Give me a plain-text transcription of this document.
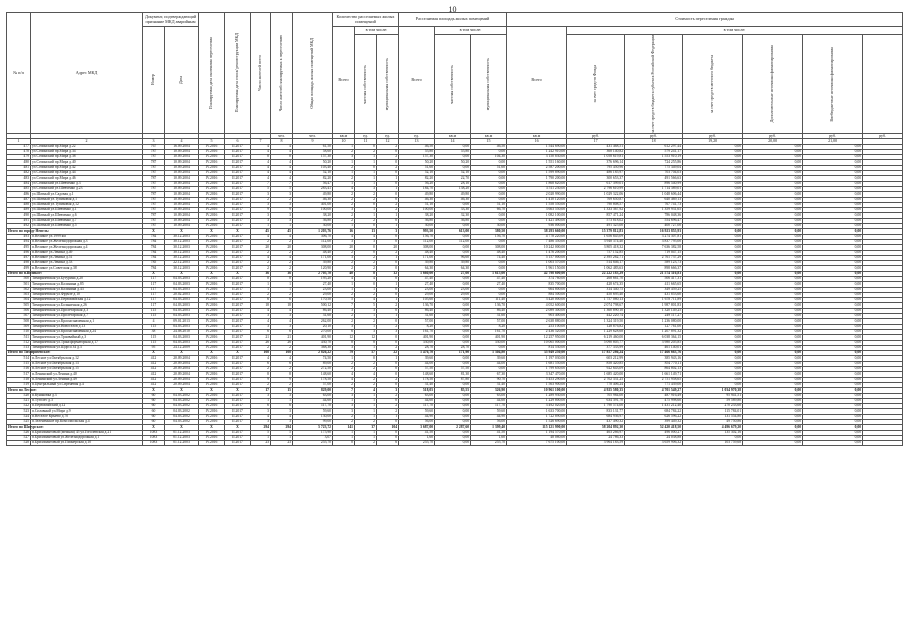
10
№ п/п	Адрес МКД	Документ, подтверждающий признание МКД аварийным		Планируемая дата окончания переселения	Планируемая дата сноса/ реконструкции МКД	Число жителей всего	Число жителей планируемых к переселению	Общая площадь жилых помещений МКД	Количество расселяемых жилых помещений			Расселяемая площадь жилых помещений			Стоимость переселения граждан						

		Номер	Дата						Всего	в том числе:		Всего	в том числе:		Всего	в том числе:					

										частная собственность	муниципальная собственность		частная собственность	муниципальная собственность		за счет средств Фонда	за счет средств бюджета субъекта Российской Федерации	за счет средств местного бюджета	Дополнительные источники финансирования	Внебюджетные источники финансирования	

							чел.	чел.	кв.м	ед.	ед.	ед.	кв.м	кв.м	кв.м	руб.	руб.	руб.	руб.	руб.	руб.
1	2	3	4	5	6	7	8	9	10	11	12	13	14	15	16	17	18	19,20	20,00	21,00	
477	ул.Сочинский пр.Мира д.22	767	16.09.2004	IV.2016	II.2017	4	4	61,50	1	0	2	46,50	0,00	46,50	1 544 690,00	431 468,51	612 297,44	0,00	0,00	0,00	
478	ул.Сочинский пр.Мира д.34	787	10.09.2004	IV.2016	II.2017	4	4	58,60	2	2	0	55,80	55,80	0,00	1 242 910,00	368 140,82	579 241,17	0,00	0,00	0,00	
479	ул.Сочинский пр.Мира д.38	787	10.09.2004	IV.2016	II.2017	8	8	157,30	3	1	2	157,30	0,00	104,30	3 150 830,00	1 058 619,81	1 553 910,19	0,00	0,00	0,00	
480	ул.Сочинский пр.Мира д.40	787	10.09.2004	IV.2016	II.2017	4	4	50,20	1	1	0	50,20	50,20	0,00	1 551 160,00	376 696,14	724 255,86	0,00	0,00	0,00	
481	ул.Сочинский пр.Мира д.42	787	10.09.2004	IV.2016	II.2017	4	4	103,40	2	0	2	51,60	0,00	51,60	2 587 200,00	795 450,96	775 349,04	0,00	0,00	0,00	
482	ул.Сочинский пр.Мира д.44	787	10.09.2004	IV.2016	II.2017	4	4	52,10	1	1	0	52,10	52,10	0,00	1 599 890,00	486 185,97	703 704,03	0,00	0,00	0,00	
483	ул.Сочинский пр.Мира д.46	787	10.09.2004	IV.2016	II.2017	4	4	82,20	2	1	1	82,20	22,70	0,00	1 790 200,00	300 653,37	491 566,63	0,00	0,00	0,00	
484	ул.Сочинский ул.Шевченко д.3	787	10.09.2004	IV.2016	II.2017	7	7	56,47	1	1	0	56,20	28,10	0,00	1 868 620,00	617 399,01	896 540,99	0,00	0,00	0,00	
485	ул.Сочинский ул.Шевченко д.23	787	10.09.2004	IV.2016	II.2017	5	5	283,41	4	3	1	184,70	138,20	0,00	3 511 230,00	2 796 610,99	1 714 389,01	0,00	0,00	0,00	
486	ул.Шатный ул.Садовая д.1	787	10.09.2004	IV.2016	II.2017	3	3	49,80	2	2	0	49,80	49,80	0,00	2 028 990,00	1 029 322,06	1 048 606,44	0,00	0,00	0,00	
487	ул.Шатный ул.Тупиковая д.1	787	10.09.2004	IV.2016	II.2017	2	2	46,30	2	2	0	46,30	46,30	0,00	1 410 120,00	769 650,87	640 469,13	0,00	0,00	0,00	
488	ул.Шатный ул.Тупиковая д.12	787	10.09.2004	IV.2016	II.2017	3	3	401,00	2	0	2	51,10	0,00	51,10	1 558 550,00	790 808,57	767 741,73	0,00	0,00	0,00	
489	ул.Шатный ул.Шевченко д.1	787	10.09.2004	IV.2016	II.2017	9	9	100,00	3	1	2	100,00	33,30	66,70	3 663 550,00	1 333 367,92	1 359 931,65	0,00	0,00	0,00	
490	ул.Шатный ул.Шевченко д.6	787	10.09.2004	IV.2016	II.2017	3	3	38,20	2	1	1	38,20	32,30	0,00	1 082 100,00	857 471,24	786 048,36	0,00	0,00	0,00	
491	ул.Шатный ул.Шевченко д.7	787	10.09.2004	IV.2016	II.2017	3	3	36,80	2	2	0	36,80	36,80	0,00	1 421 490,00	573 818,02	554 696,47	0,00	0,00	0,00	
492	ул.Шатный ул.Шевченко д.5	787	10.09.2004	IV.2016	II.2017	1	1	30,00	1	0	1	30,00	0,00	30,00	936 000,00	491 325,00	400 727,00	0,00	0,00	0,00	
Итого по городу Невель:		X	X	X	X	45	45	1 203,76	16	13	3	993,50	613,00	380,50	38 293 660,00	15 379 812,83	16 923 855,93	0,00	0,00	0,00	
493	п.Великое ул.1999 км	784	30.12.2003	IV.2016	II.2017	4	4	306,70	4	4	0	156,70	0,00	156,70	4 778 220,00	1 656 845,09	3 274 307,81	0,00	0,00	0,00	
494	п.Великое ул.Железнодорожная д.3	784	30.12.2003	IV.2016	II.2017	2	2	112,00	3	3	0	112,00	112,00	0,00	7 486 350,00	3 948 374,40	3 837 795,00	0,00	0,00	0,00	
495	п.Великое ул.Железнодорожная д.4	784	30.12.2003	IV.2016	II.2017	20	20	308,00	20	0	20	308,00	0,00	308,00	10 242 000,00	3 805 418,32	7 636 382,58	0,00	0,00	0,00	
496	п.Великое ул.Ленина д.49	784	30.12.2003	IV.2016	II.2017	2	2	48,40	2	0	2	48,40	0,00	48,40	1 476 200,00	757 152,85	719 047,15	0,00	0,00	0,00	
497	п.Великое ул.Ленина д.51	784	30.12.2003	IV.2016	II.2017	4	4	171,00	3	2	1	171,00	96,60	74,40	5 157 000,00	2 395 262,71	2 761 737,29	0,00	0,00	0,00	
498	п.Великое ул.Ленина д.53	785	22.12.2003	IV.2016	II.2017	2	2	39,80	2	2	0	39,80	39,80	0,00	1 003 570,00	514 846,17	589 123,73	0,00	0,00	0,00	
499	п.Великое ул.Советская д.38	784	30.12.2003	IV.2016	II.2017	2	2	120,90	2	2	0	64,30	64,30	0,00	1 961 150,00	1 062 483,63	898 666,37	0,00	0,00	0,00	
Итого по п.Великое:		X	X	X	X	36	36	2 705,70	40	8	32	1 660,00	27,00	1 615,00	42 798 600,00	22 222 183,29	21 574 316,83	0,00	0,00	0,00	
500	Тимирязевская ул.Бутурина д.20	117	04.03.2003	IV.2016	II.2017	8	8	195,20	4	4	0	47,40	0,00	47,40	374 760,00	268 661,70	506 417,31	0,00	0,00	0,00	
501	Тимирязевская ул.Калинина д.85	117	04.03.2003	IV.2016	II.2017	1	1	27,40	1	0	1	27,40	0,00	27,40	835 700,00	428 674,35	411 665,65	0,00	0,00	0,00	
502	Тимирязевская ул.Калинина д.43	117	04.03.2003	IV.2016	II.2017	1	1	23,00	1	1	0	23,00	23,00	0,00	664 800,00	314 340,75	349 459,25	0,00	0,00	0,00	
503	Тимирязевская ул.Фрунзе д.10	117	20.02.2003	IV.2016	II.2017	2	2	29,00	2	2	0	29,00	29,00	0,00	884 500,00	450 695,40	431 853,60	0,00	0,00	0,00	
504	Тимирязевская ул.Первомайская д.12	117	04.03.2003	IV.2016	II.2017	6	6	170,50	5	4	1	105,60	0,00	111,40	3 420 000,00	1 757 080,13	1 678 711,89	0,00	0,00	0,00	
505	Тимирязевская ул.Больничная д.26	117	04.03.2003	IV.2016	II.2017	18	18	500,12	7	5	2	136,70	0,00	136,70	4 052 600,00	2 074 798,67	1 987 801,83	0,00	0,00	0,00	
506	Тимирязевская ул.Пролетарская д.3	115	04.03.2003	IV.2016	II.2017	4	4	86,40	3	3	0	86,40	0,00	86,40	2 089 300,00	1 360 890,10	1 320 149,25	0,00	0,00	0,00	
507	Тимирязевская ул.Пролетарская д.7	115	04.03.2003	IV.2016	II.2017	3	3	31,60	2	1	1	31,60	0,00	31,60	903 400,00	442 220,74	249 117,27	0,00	0,00	0,00	
508	Тимирязевская ул.Краснознаменная д.1	4	09.01.2013	IV.2016	II.2017	4	4	262,00	2	2	0	57,00	0,00	57,00	2 638 880,00	1 324 319,50	1 236 080,00	0,00	0,00	0,00	
509	Тимирязевская ул.Новоселов д.13	115	04.03.2003	IV.2016	II.2017	3	3	20,10	3	1	2	8,20	0,00	8,20	253 100,00	128 876,82	127 761,00	0,00	0,00	0,00	
510	Тимирязевская ул.Краснознаменная д.24	38	24.08.2010	IV.2016	II.2017	6	6	270,00	6	3	3	161,70	0,00	161,70	2 436 520,00	1 229 628,68	1 207 891,32	0,00	0,00	0,00	
511	Тимирязевская ул.Трамвайный д.3	115	04.03.2003	IV.2016	II.2017	21	21	401,90	12	12	0	401,90	0,00	401,90	12 257 950,00	6 219 460,00	6 038 364,15	0,00	0,00	0,00	
512	Тимирязевская ул.Трансформаторная д.17	115	04.03.2003	IV.2016	II.2017	26	26	430,70	8	8	0	330,00	0,00	330,00	10 065 000,00	5 090 805,77	3 980 205,85	0,00	0,00	0,00	
513	Тимирязевская ул.Щорса 34 д.3	95	24.12.2009	IV.2016	II.2017	2	2	368,30	3	1	2	28,70	28,70	0,00	814 530,00	377 333,99	461 140,01	0,00	0,00	0,00	
Итого по Тимирязевское:		X	X	X	X	108	108	2 826,22	79	57	22	1 476,70	171,90	1 304,80	35 949 250,00	17 857 286,24	17 466 663,76	0,00	0,00	0,00	
514	п.Лесное ул.Октябрьская д.12	412	20.09.2004	IV.2016	II.2017	4	4	74,50	1	0	1	39,60	0,00	39,60	1 197 030,00	603 212,99	385 943,16	0,00	0,00	0,00	
515	п.Лесное ул.Октябрьская д.13	412	20.09.2004	IV.2016	II.2017	6	6	89,00	2	2	0	44,00	0,00	44,00	1 681 550,00	858 420,85	854 770,11	0,00	0,00	0,00	
516	п.Лесное ул.Октябрьская д.15	412	20.09.2004	IV.2016	II.2017	2	2	272,50	2	2	0	57,50	57,50	0,00	1 799 650,00	922 643,09	864 802,13	0,00	0,00	0,00	
517	п.Ленинский ул.Ленина д.40	412	20.09.2004	IV.2016	II.2017	8	8	148,60	4	4	0	148,60	81,30	67,30	3 347 470,00	1 685 420,00	1 661 149,71	0,00	0,00	0,00	
518	п.Ленинский ул.Ленина д.49	412	20.09.2004	IV.2016	II.2017	9	9	178,50	4	2	2	178,50	87,80	90,70	5 453 290,00	2 702 331,25	2 751 958,65	0,00	0,00	0,00	
519	п.Центральный ул.Сиреневая д.4	412	20.09.2004	IV.2016	II.2017	2	2	57,00	2	2	0	31,40	0,00	31,40	1 563 900,00	778 406,24	771 439,00	0,00	0,00	0,00	
Итого по Лесное:		X	X	X	X	17	15	829,00	7	4	3	518,05	85,55	326,90	10 961 100,00	4 925 580,35	4 701 549,27	1 034 970,38	0,00	0,00	
520	п.Кунаковка д.3	60	04.03.2002	IV.2016	II.2017	3	3	63,00	3	1	2	63,00	0,00	63,00	1 289 930,00	705 984,00	487 916,49	95 941,51	0,00	0,00	
521	п.Туголес д.3	60	04.03.2002	IV.2016	II.2017	1	1	44,60	1	1	0	44,60	0,00	44,60	1 229 800,00	634 391,70	475 998,60	59 589,80	0,00	0,00	
522	п.Первомайский д.12	60	04.03.2002	IV.2016	II.2017	6	6	117,70	3	1	2	117,70	0,00	117,70	3 492 020,00	1 790 574,00	1 431 212,40	270 233,60	0,00	0,00	
523	п.Сплавный ул.Мира д.9	60	04.03.2002	IV.2016	II.2017	3	3	59,60	3	1	2	59,60	0,00	59,60	1 633 700,00	833 131,77	684 784,22	115 784,01	0,00	0,00	
524	п.Веселое Крыево д.70	60	04.03.2002	IV.2016	II.2017	4	4	130,00	2	1	1	44,90	0,00	44,90	1 722 890,00	684 936,97	626 596,22	131 554,80	0,00	0,00	
525	п.Зелененькое пр.Комсомольская д.4	60	04.03.2002	IV.2016	II.2017	3	3	99,00	2	2	0	56,00	0,00	56,00	1 526 690,00	437 490,32	399 449,32	49 750,86	0,00	0,00	
Итого по Шатурское:		X	X	X	X	294	294	5 723,72	141	37	104	3 687,00	2 287,60	1 399,40	115 121 990,00	58 204 892,30	52 420 418,50	4 496 679,20	0,00	0,00	
526	п.Бриллиантовый (межная) 45 ул.Гоголевская д.21	1083	01.12.2003	IV.2016	II.2017	5	5	175,90	1	1	0	41,50	0,00	41,50	1 194 570,00	463 266,97	496 000,27	135 302,16	0,00	0,00	
527	п.Бриллиантовый ул.Железнодорожная д.1	1083	01.12.2003	IV.2016	II.2017	1	1	3,07	1	1	0	1,60	0,00	1,60	48 080,00	24 786,33	24 038,88	0,00	0,00	0,00	
528	п.Бриллиантовый ул.Пионерская д.10	1083	01.12.2003	IV.2016	II.2017	23	23	255,70	8	2	6	255,70	0,00	255,70	7 675 100,00	3 964 183,59	3 659 906,32	103 759,68	0,00	0,00	
